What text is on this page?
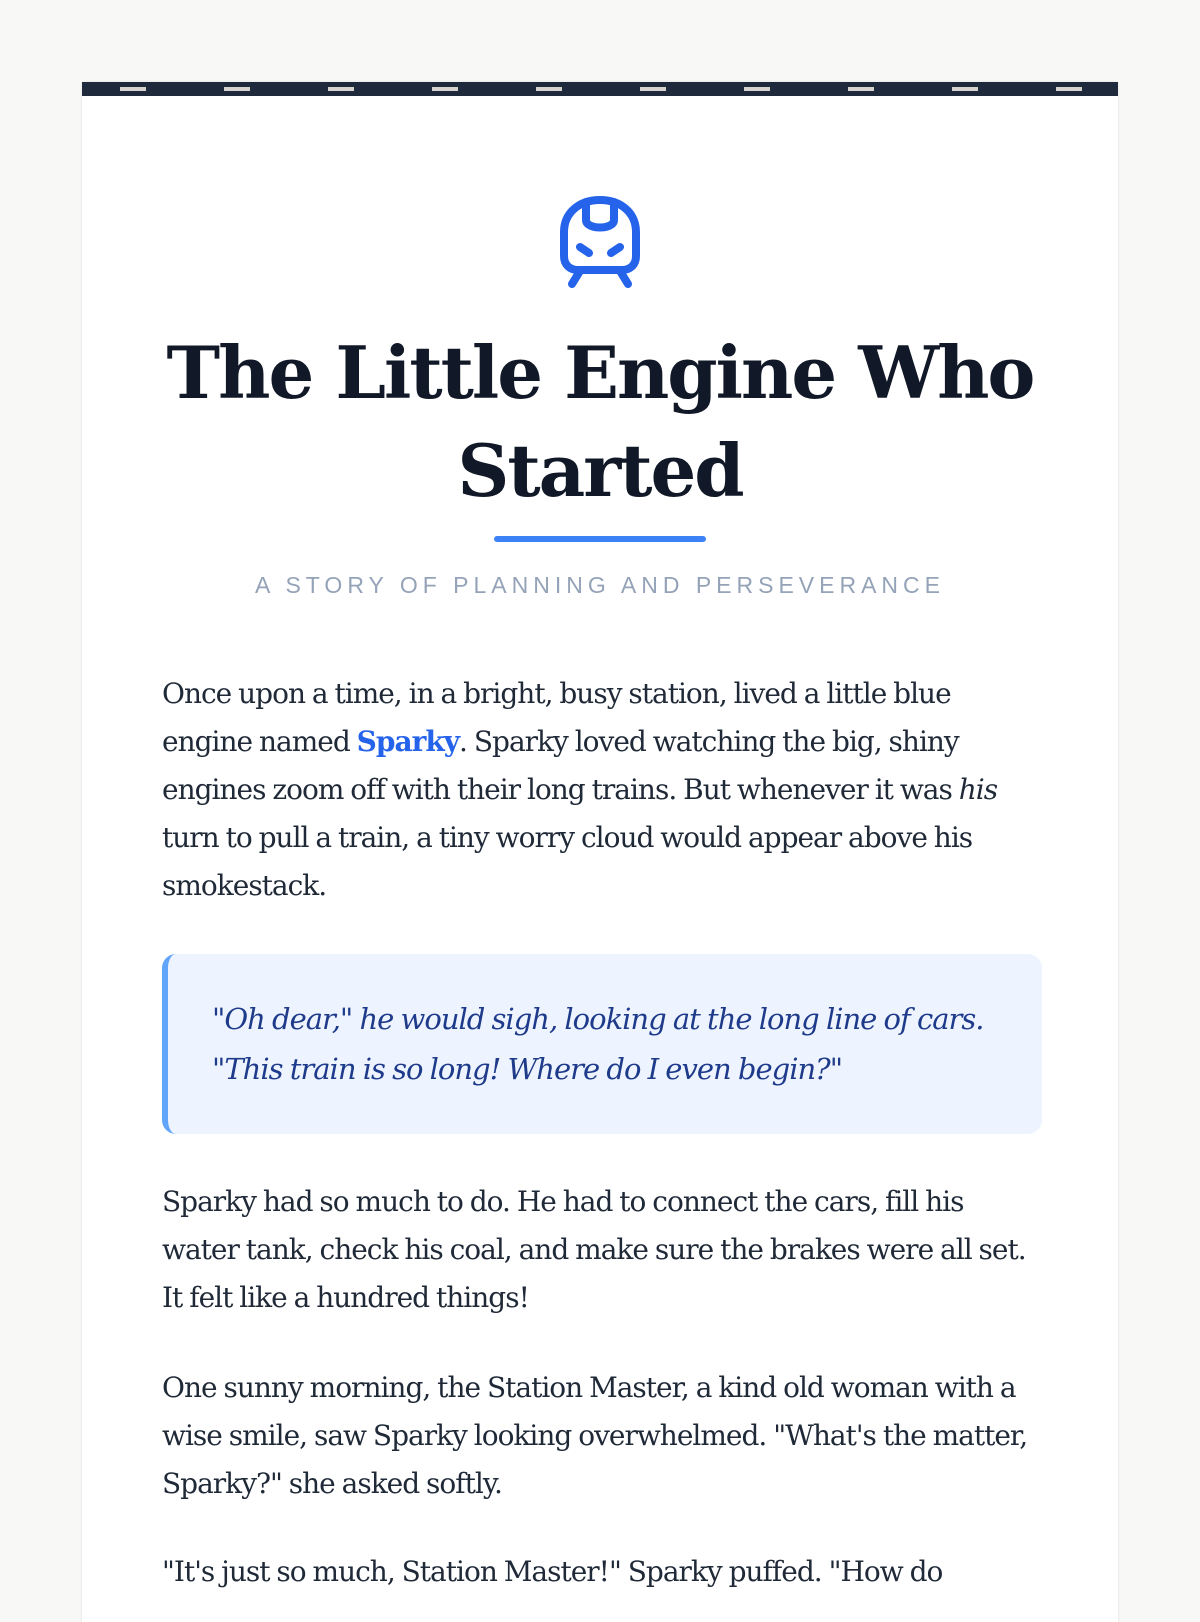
The Little Engine Who Started
A STORY OF PLANNING AND PERSEVERANCE

Once upon a time, in a bright, busy station, lived a little blue engine named Sparky. Sparky loved watching the big, shiny engines zoom off with their long trains. But whenever it was his turn to pull a train, a tiny worry cloud would appear above his smokestack.

"Oh dear," he would sigh, looking at the long line of cars. "This train is so long! Where do I even begin?"

Sparky had so much to do. He had to connect the cars, fill his water tank, check his coal, and make sure the brakes were all set. It felt like a hundred things!

One sunny morning, the Station Master, a kind old woman with a wise smile, saw Sparky looking overwhelmed. "What's the matter, Sparky?" she asked softly.

"It's just so much, Station Master!" Sparky puffed. "How do
